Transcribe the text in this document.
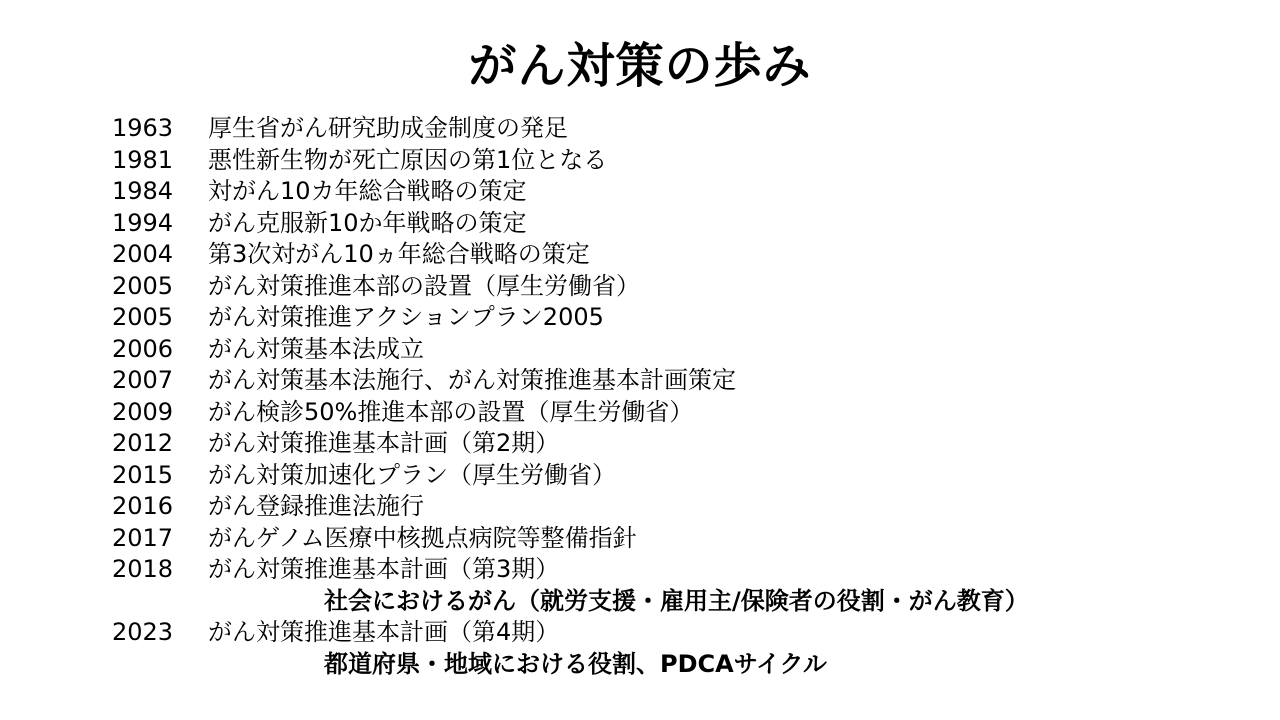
がん対策の歩み
1963 厚生省がん研究助成金制度の発足
1981 悪性新生物が死亡原因の第1位となる
1984 対がん10カ年総合戦略の策定
1994 がん克服新10か年戦略の策定
2004 第3次対がん10ヵ年総合戦略の策定
2005 がん対策推進本部の設置（厚生労働省）
2005 がん対策推進アクションプラン2005
2006 がん対策基本法成立
2007 がん対策基本法施行、がん対策推進基本計画策定
2009 がん検診50%推進本部の設置（厚生労働省）
2012 がん対策推進基本計画（第2期）
2015 がん対策加速化プラン（厚生労働省）
2016 がん登録推進法施行
2017 がんゲノム医療中核拠点病院等整備指針
2018 がん対策推進基本計画（第3期）
社会におけるがん（就労支援・雇用主/保険者の役割・がん教育）
2023 がん対策推進基本計画（第4期）
都道府県・地域における役割、PDCAサイクル
